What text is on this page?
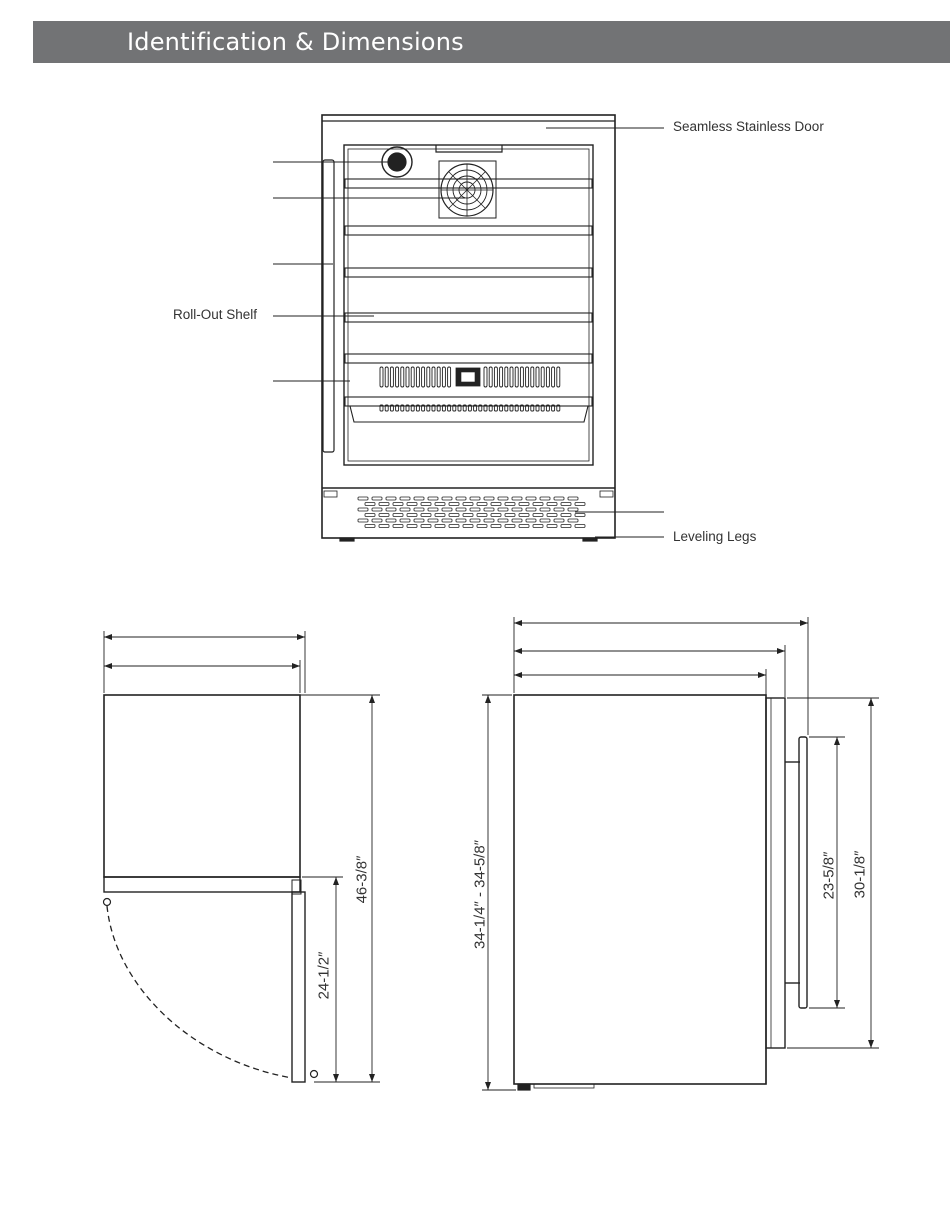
Identification & Dimensions
Seamless Stainless Door
Roll-Out Shelf
Leveling Legs
46-3/8″
24-1/2″
34-1/4″ - 34-5/8″	23-5/8″ 30-1/8″
